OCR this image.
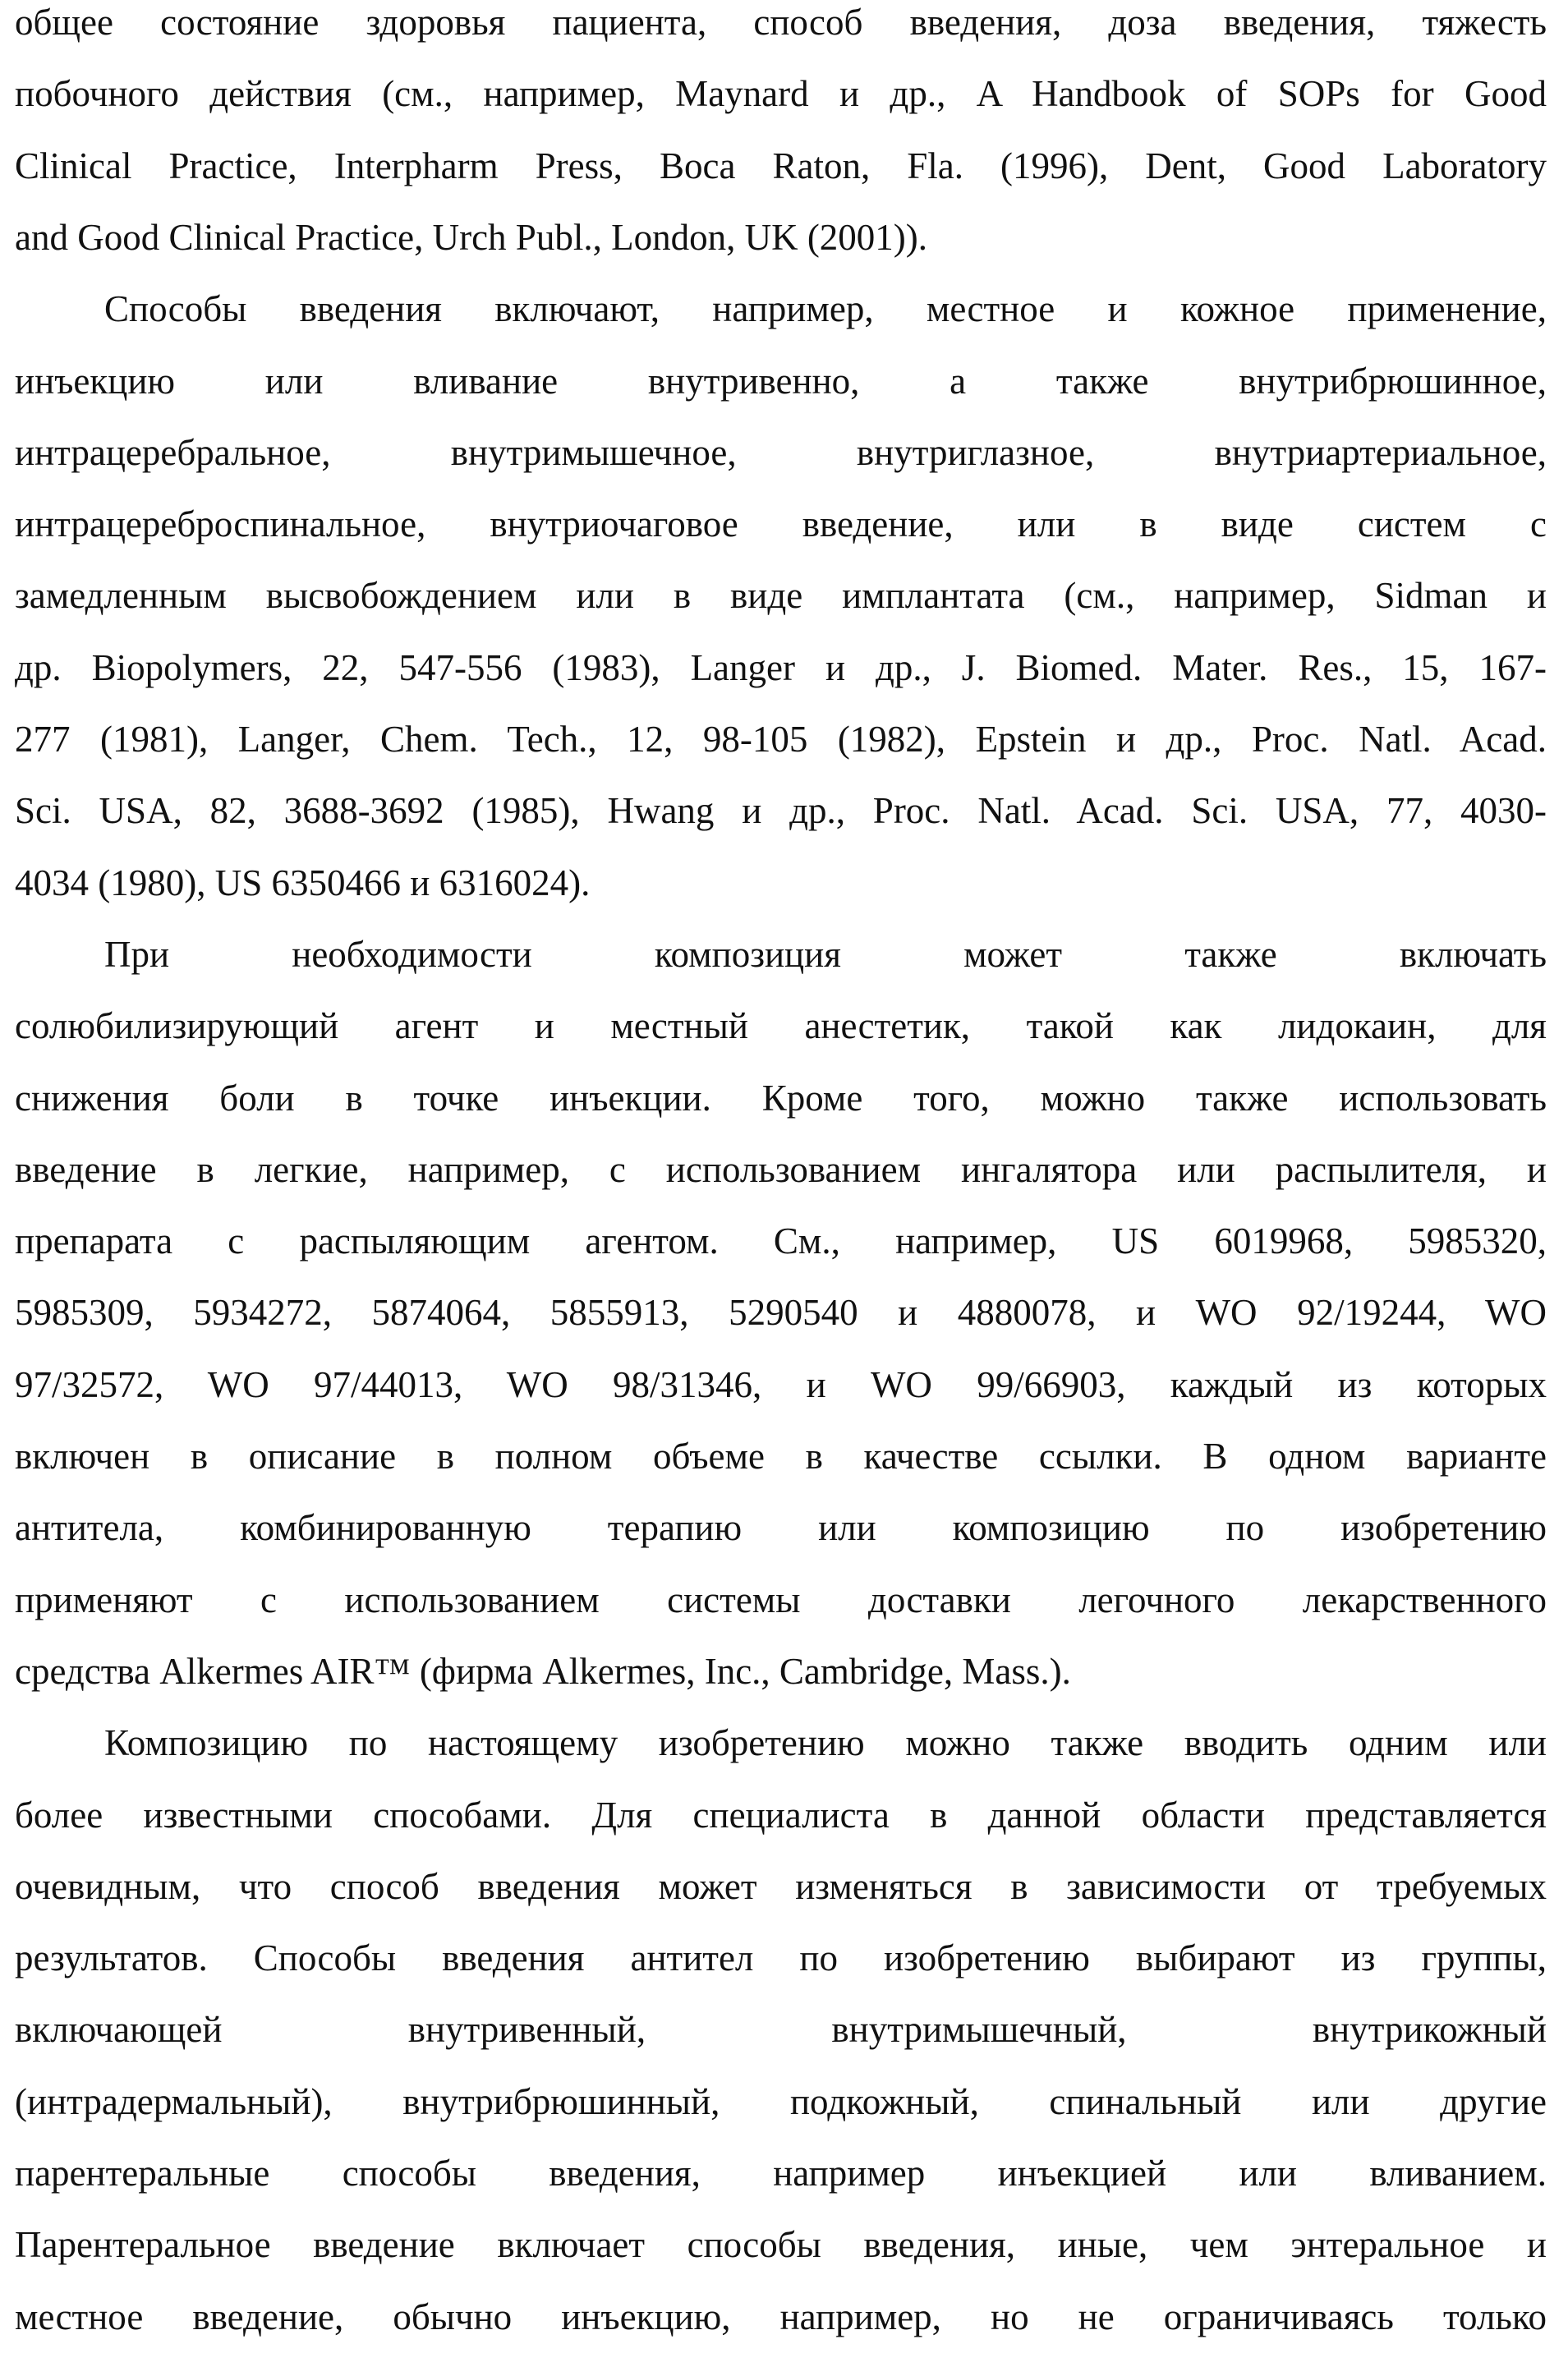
общее состояние здоровья пациента, способ введения, доза введения, тяжесть
побочного действия (см., например, Maynard и др., A Handbook of SOPs for Good
Clinical Practice, Interpharm Press, Boca Raton, Fla. (1996), Dent, Good Laboratory
and Good Clinical Practice, Urch Publ., London, UK (2001)).
Способы введения включают, например, местное и кожное применение,
инъекцию или вливание внутривенно, а также внутрибрюшинное,
интрацеребральное, внутримышечное, внутриглазное, внутриартериальное,
интрацереброспинальное, внутриочаговое введение, или в виде систем с
замедленным высвобождением или в виде имплантата (см., например, Sidman и
др. Biopolymers, 22, 547-556 (1983), Langer и др., J. Biomed. Mater. Res., 15, 167-
277 (1981), Langer, Chem. Tech., 12, 98-105 (1982), Epstein и др., Proc. Natl. Acad.
Sci. USA, 82, 3688-3692 (1985), Hwang и др., Proc. Natl. Acad. Sci. USA, 77, 4030-
4034 (1980), US 6350466 и 6316024).
При необходимости композиция может также включать
солюбилизирующий агент и местный анестетик, такой как лидокаин, для
снижения боли в точке инъекции. Кроме того, можно также использовать
введение в легкие, например, с использованием ингалятора или распылителя, и
препарата с распыляющим агентом. См., например, US 6019968, 5985320,
5985309, 5934272, 5874064, 5855913, 5290540 и 4880078, и WO 92/19244, WO
97/32572, WO 97/44013, WO 98/31346, и WO 99/66903, каждый из которых
включен в описание в полном объеме в качестве ссылки. В одном варианте
антитела, комбинированную терапию или композицию по изобретению
применяют с использованием системы доставки легочного лекарственного
средства Alkermes AIR™ (фирма Alkermes, Inc., Cambridge, Mass.).
Композицию по настоящему изобретению можно также вводить одним или
более известными способами. Для специалиста в данной области представляется
очевидным, что способ введения может изменяться в зависимости от требуемых
результатов. Способы введения антител по изобретению выбирают из группы,
включающей внутривенный, внутримышечный, внутрикожный
(интрадермальный), внутрибрюшинный, подкожный, спинальный или другие
парентеральные способы введения, например инъекцией или вливанием.
Парентеральное введение включает способы введения, иные, чем энтеральное и
местное введение, обычно инъекцию, например, но не ограничиваясь только
